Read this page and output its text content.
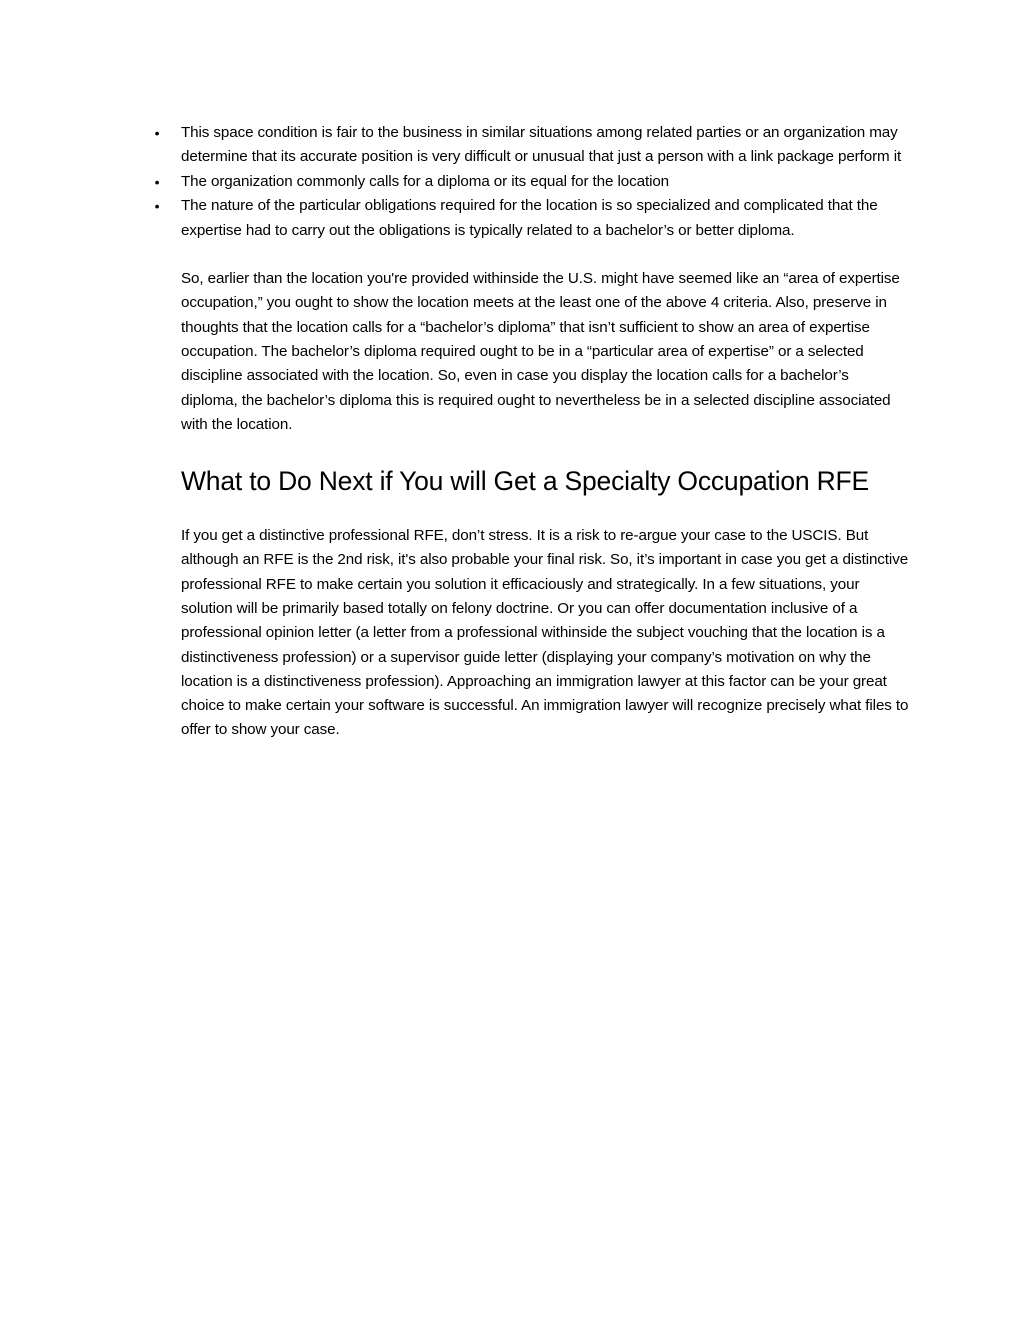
• This space condition is fair to the business in similar situations among related parties or an organization may determine that its accurate position is very difficult or unusual that just a person with a link package perform it
• The organization commonly calls for a diploma or its equal for the location
• The nature of the particular obligations required for the location is so specialized and complicated that the expertise had to carry out the obligations is typically related to a bachelor’s or better diploma.

So, earlier than the location you're provided withinside the U.S. might have seemed like an “area of expertise occupation,” you ought to show the location meets at the least one of the above 4 criteria. Also, preserve in thoughts that the location calls for a “bachelor’s diploma” that isn’t sufficient to show an area of expertise occupation. The bachelor’s diploma required ought to be in a “particular area of expertise” or a selected discipline associated with the location. So, even in case you display the location calls for a bachelor’s diploma, the bachelor’s diploma this is required ought to nevertheless be in a selected discipline associated with the location.

What to Do Next if You will Get a Specialty Occupation RFE

If you get a distinctive professional RFE, don’t stress. It is a risk to re-argue your case to the USCIS. But although an RFE is the 2nd risk, it's also probable your final risk. So, it’s important in case you get a distinctive professional RFE to make certain you solution it efficaciously and strategically. In a few situations, your solution will be primarily based totally on felony doctrine. Or you can offer documentation inclusive of a professional opinion letter (a letter from a professional withinside the subject vouching that the location is a distinctiveness profession) or a supervisor guide letter (displaying your company’s motivation on why the location is a distinctiveness profession). Approaching an immigration lawyer at this factor can be your great choice to make certain your software is successful. An immigration lawyer will recognize precisely what files to offer to show your case.
